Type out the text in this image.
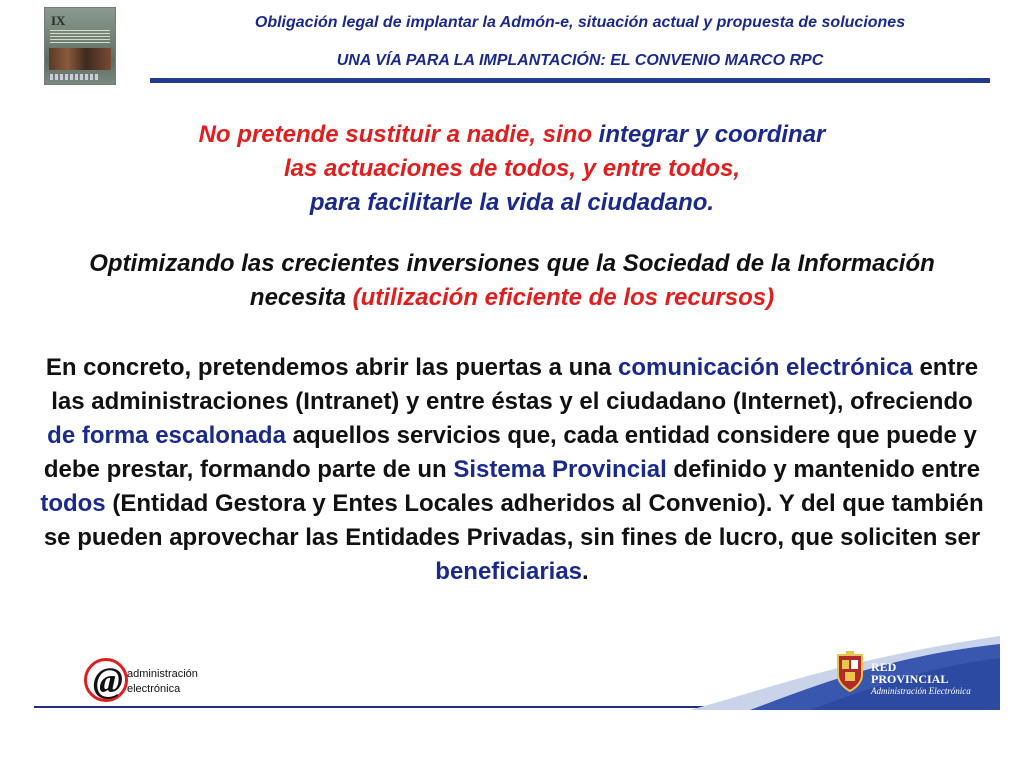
IX	Obligación legal de implantar la Admón-e, situación actual y propuesta de soluciones
UNA VÍA PARA LA IMPLANTACIÓN: EL CONVENIO MARCO RPC
No pretende sustituir a nadie, sino integrar y coordinar
las actuaciones de todos, y entre todos,
para facilitarle la vida al ciudadano.
Optimizando las crecientes inversiones que la Sociedad de la Información necesita (utilización eficiente de los recursos)
En concreto, pretendemos abrir las puertas a una comunicación electrónica entre las administraciones (Intranet) y entre éstas y el ciudadano (Internet), ofreciendo de forma escalonada aquellos servicios que, cada entidad considere que puede y debe prestar, formando parte de un Sistema Provincial definido y mantenido entre todos (Entidad Gestora y Entes Locales adheridos al Convenio). Y del que también se pueden aprovechar las Entidades Privadas, sin fines de lucro, que soliciten ser beneficiarias.
@ administración
electrónica
RED
PROVINCIAL
Administración Electrónica
